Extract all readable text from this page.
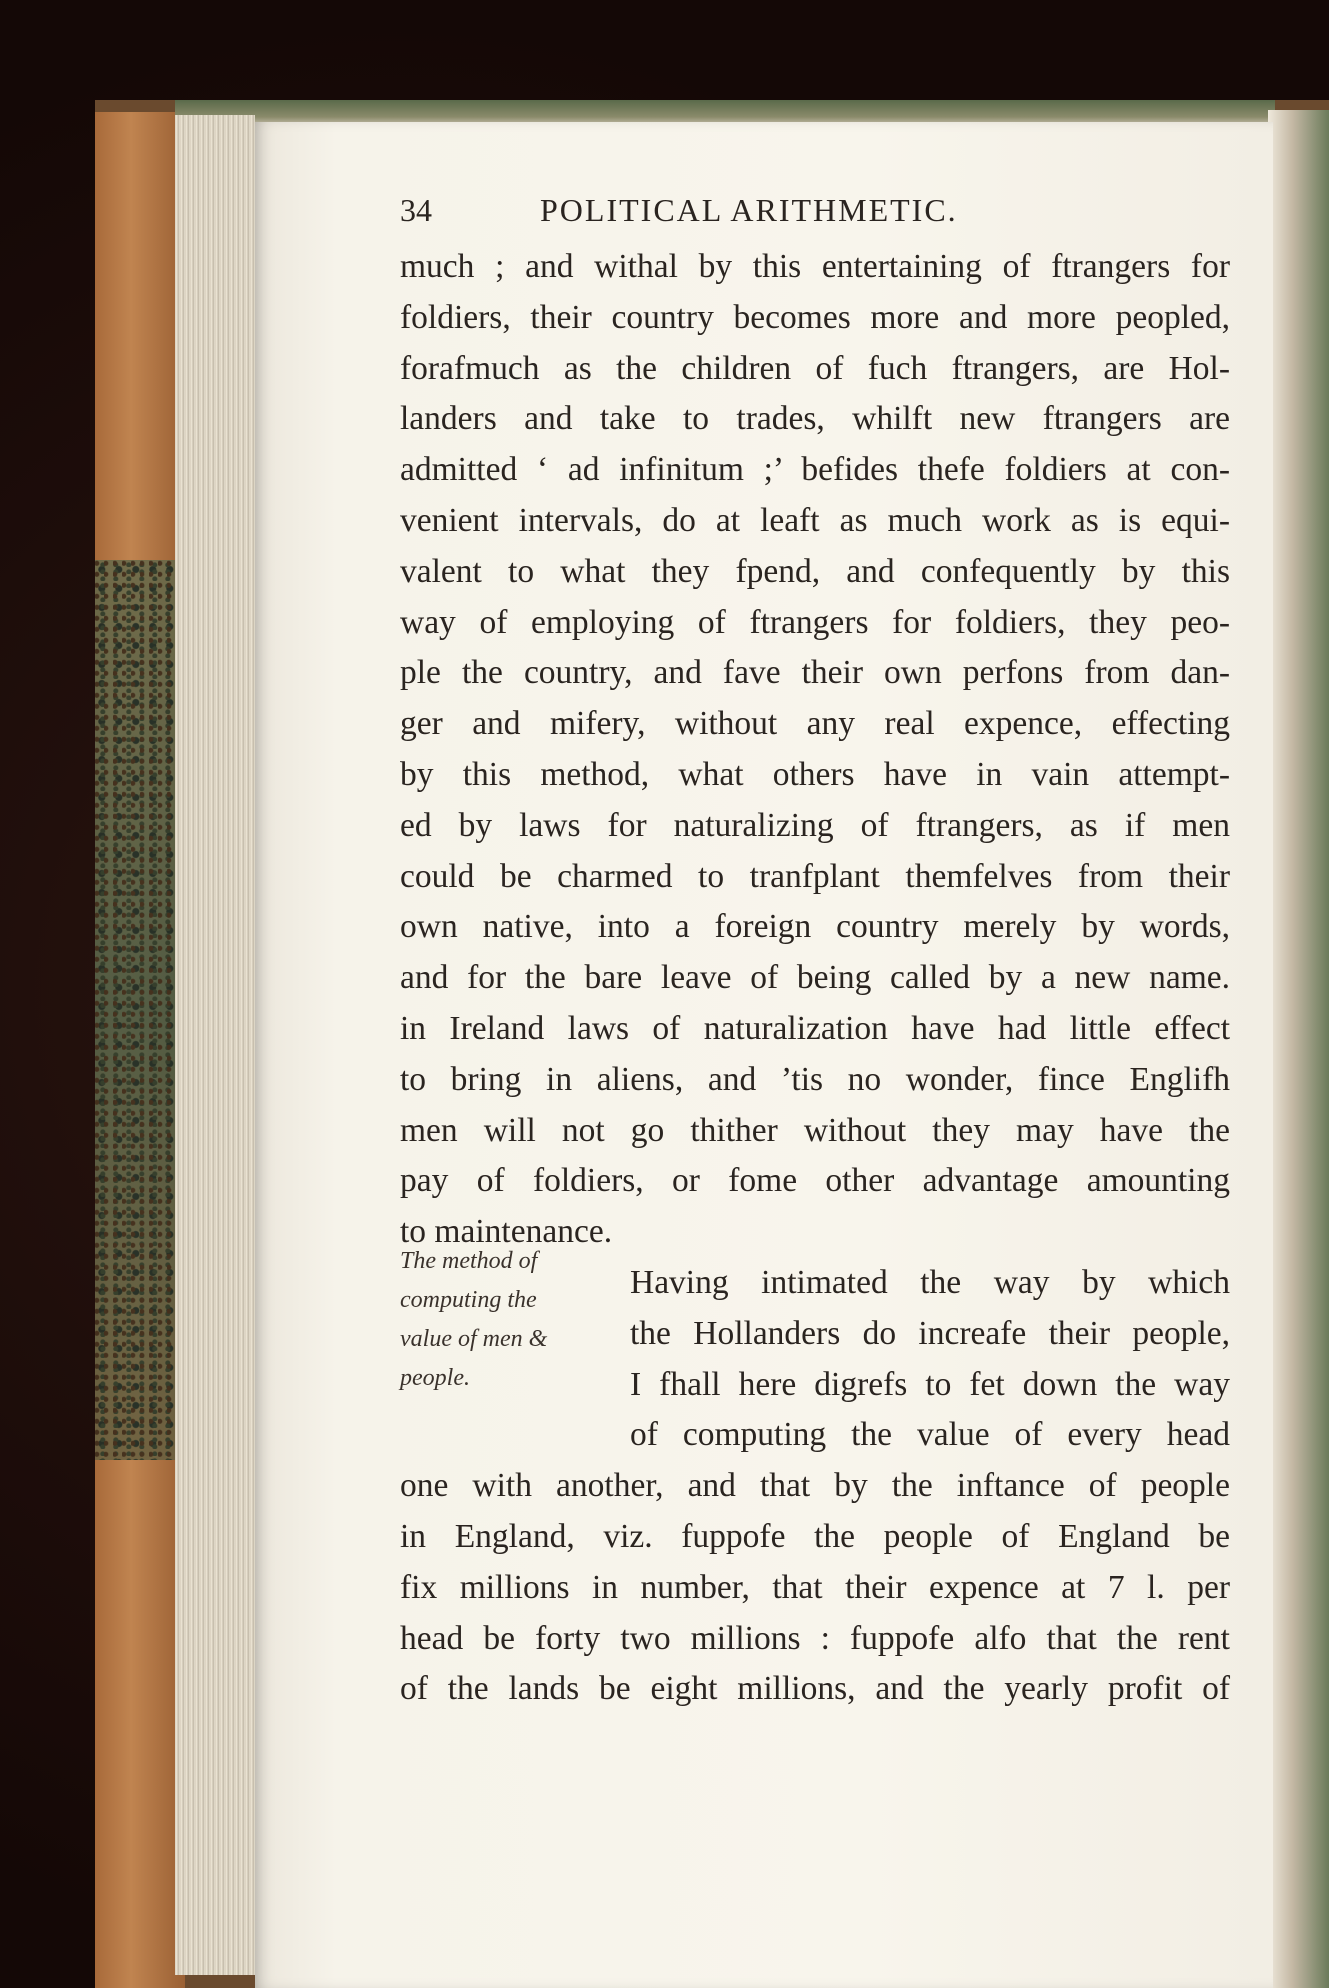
34	POLITICAL ARITHMETIC.
much ; and withal by this entertaining of ftrangers for
foldiers, their country becomes more and more peopled,
forafmuch as the children of fuch ftrangers, are Hol-
landers and take to trades, whilft new ftrangers are
admitted ‘ ad infinitum ;’ befides thefe foldiers at con-
venient intervals, do at leaft as much work as is equi-
valent to what they fpend, and confequently by this
way of employing of ftrangers for foldiers, they peo-
ple the country, and fave their own perfons from dan-
ger and mifery, without any real expence, effecting
by this method, what others have in vain attempt-
ed by laws for naturalizing of ftrangers, as if men
could be charmed to tranfplant themfelves from their
own native, into a foreign country merely by words,
and for the bare leave of being called by a new name.
in Ireland laws of naturalization have had little effect
to bring in aliens, and ’tis no wonder, fince Englifh
men will not go thither without they may have the
pay of foldiers, or fome other advantage amounting
to maintenance.
Having intimated the way by which
the Hollanders do increafe their people,
I fhall here digrefs to fet down the way
of computing the value of every head
one with another, and that by the inftance of people
in England, viz. fuppofe the people of England be
fix millions in number, that their expence at 7 l. per
head be forty two millions : fuppofe alfo that the rent
of the lands be eight millions, and the yearly profit of
The method of
computing the
value of men &
people.
